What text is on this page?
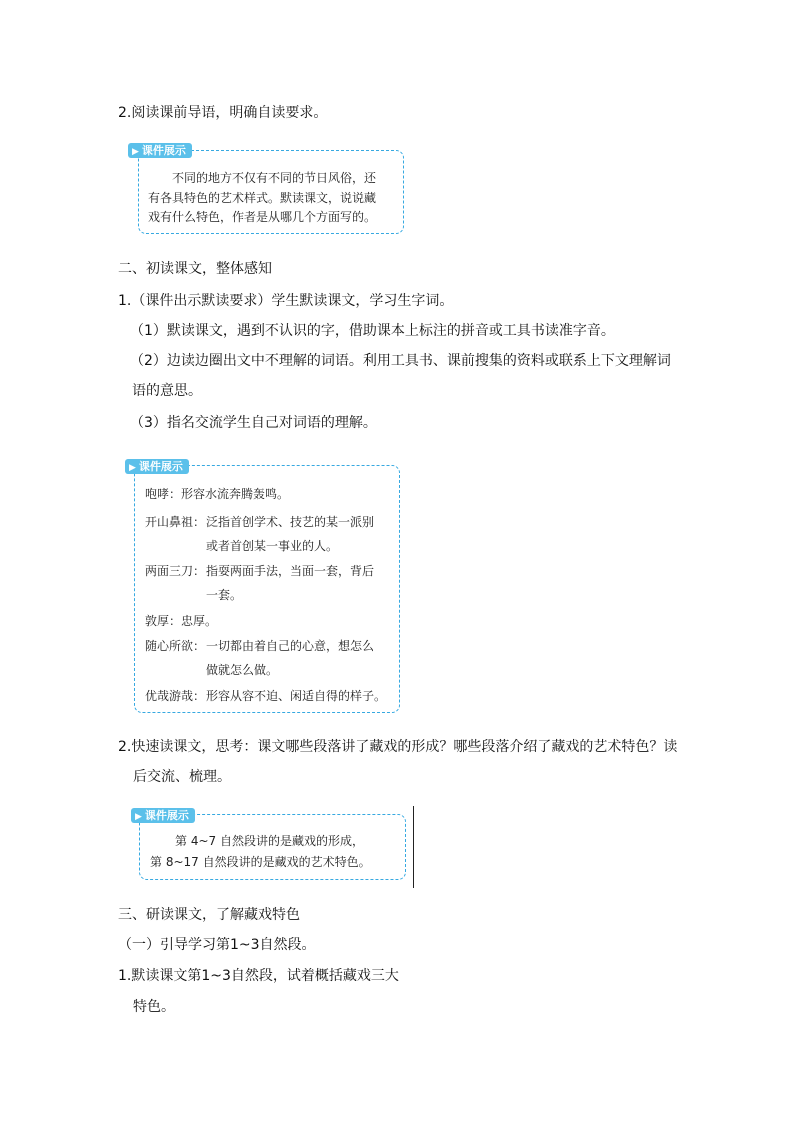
2.阅读课前导语，明确自读要求。
▶ 课件展示
不同的地方不仅有不同的节日风俗，还
有各具特色的艺术样式。默读课文，说说藏
戏有什么特色，作者是从哪几个方面写的。
二、初读课文，整体感知
1.（课件出示默读要求）学生默读课文，学习生字词。
（1）默读课文，遇到不认识的字，借助课本上标注的拼音或工具书读准字音。
（2）边读边圈出文中不理解的词语。利用工具书、课前搜集的资料或联系上下文理解词
语的意思。
（3）指名交流学生自己对词语的理解。
▶ 课件展示
咆哮： 形容水流奔腾轰鸣。
开山鼻祖： 泛指首创学术、技艺的某一派别
或者首创某一事业的人。
两面三刀： 指耍两面手法，当面一套，背后
一套。
敦厚： 忠厚。
随心所欲： 一切都由着自己的心意，想怎么
做就怎么做。
优哉游哉： 形容从容不迫、闲适自得的样子。
2.快速读课文，思考：课文哪些段落讲了藏戏的形成？哪些段落介绍了藏戏的艺术特色？读
后交流、梳理。
▶ 课件展示
第 4~7 自然段讲的是藏戏的形成，
第 8~17 自然段讲的是藏戏的艺术特色。
三、研读课文，了解藏戏特色
（一）引导学习第1~3自然段。
1.默读课文第1~3自然段，试着概括藏戏三大
特色。
